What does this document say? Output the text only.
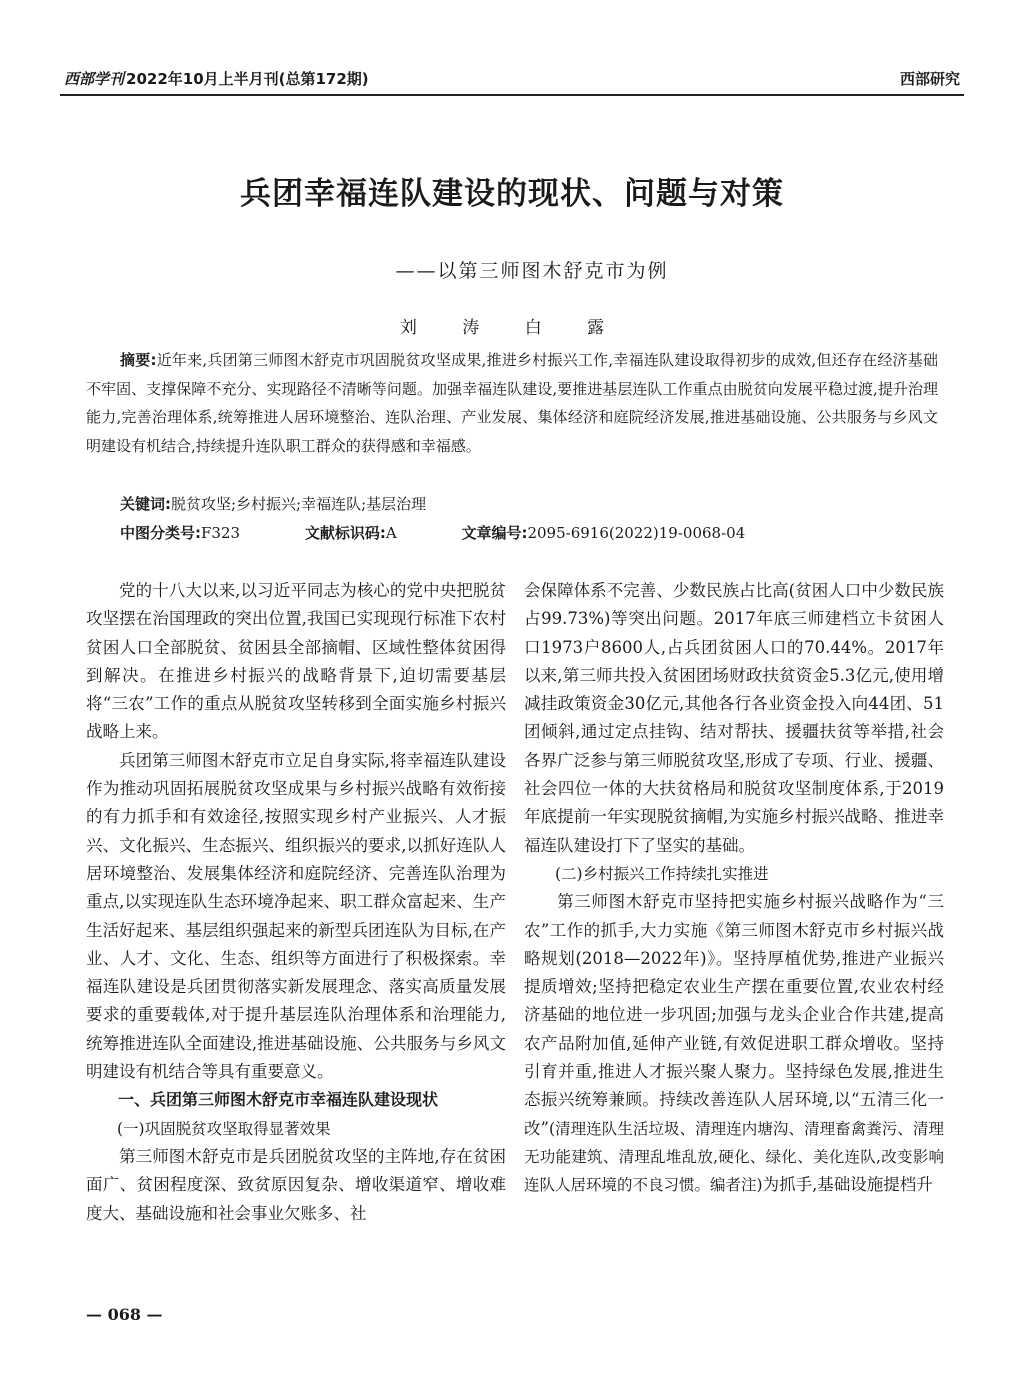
西部学刊 2022年10月上半月刊(总第172期)	西部研究
兵团幸福连队建设的现状、问题与对策
——以第三师图木舒克市为例
刘 涛 白 露
摘要:近年来,兵团第三师图木舒克市巩固脱贫攻坚成果,推进乡村振兴工作,幸福连队建设取得初步的成效,但还存在经济基础不牢固、支撑保障不充分、实现路径不清晰等问题。加强幸福连队建设,要推进基层连队工作重点由脱贫向发展平稳过渡,提升治理能力,完善治理体系,统筹推进人居环境整治、连队治理、产业发展、集体经济和庭院经济发展,推进基础设施、公共服务与乡风文明建设有机结合,持续提升连队职工群众的获得感和幸福感。
关键词:脱贫攻坚;乡村振兴;幸福连队;基层治理
中图分类号:F323	文献标识码:A	文章编号:2095-6916(2022)19-0068-04

党的十八大以来,以习近平同志为核心的党中央把脱贫攻坚摆在治国理政的突出位置,我国已实现现行标准下农村贫困人口全部脱贫、贫困县全部摘帽、区域性整体贫困得到解决。在推进乡村振兴的战略背景下,迫切需要基层将“三农”工作的重点从脱贫攻坚转移到全面实施乡村振兴战略上来。

兵团第三师图木舒克市立足自身实际,将幸福连队建设作为推动巩固拓展脱贫攻坚成果与乡村振兴战略有效衔接的有力抓手和有效途径,按照实现乡村产业振兴、人才振兴、文化振兴、生态振兴、组织振兴的要求,以抓好连队人居环境整治、发展集体经济和庭院经济、完善连队治理为重点,以实现连队生态环境净起来、职工群众富起来、生产生活好起来、基层组织强起来的新型兵团连队为目标,在产业、人才、文化、生态、组织等方面进行了积极探索。幸福连队建设是兵团贯彻落实新发展理念、落实高质量发展要求的重要载体,对于提升基层连队治理体系和治理能力,统筹推进连队全面建设,推进基础设施、公共服务与乡风文明建设有机结合等具有重要意义。

一、兵团第三师图木舒克市幸福连队建设现状

(一)巩固脱贫攻坚取得显著效果

第三师图木舒克市是兵团脱贫攻坚的主阵地,存在贫困面广、贫困程度深、致贫原因复杂、增收渠道窄、增收难度大、基础设施和社会事业欠账多、社

会保障体系不完善、少数民族占比高(贫困人口中少数民族占99.73%)等突出问题。2017年底三师建档立卡贫困人口1973户8600人,占兵团贫困人口的70.44%。2017年以来,第三师共投入贫困团场财政扶贫资金5.3亿元,使用增减挂政策资金30亿元,其他各行各业资金投入向44团、51团倾斜,通过定点挂钩、结对帮扶、援疆扶贫等举措,社会各界广泛参与第三师脱贫攻坚,形成了专项、行业、援疆、社会四位一体的大扶贫格局和脱贫攻坚制度体系,于2019年底提前一年实现脱贫摘帽,为实施乡村振兴战略、推进幸福连队建设打下了坚实的基础。

(二)乡村振兴工作持续扎实推进

第三师图木舒克市坚持把实施乡村振兴战略作为“三农”工作的抓手,大力实施《第三师图木舒克市乡村振兴战略规划(2018—2022年)》。坚持厚植优势,推进产业振兴提质增效;坚持把稳定农业生产摆在重要位置,农业农村经济基础的地位进一步巩固;加强与龙头企业合作共建,提高农产品附加值,延伸产业链,有效促进职工群众增收。坚持引育并重,推进人才振兴聚人聚力。坚持绿色发展,推进生态振兴统筹兼顾。持续改善连队人居环境,以“五清三化一改”(清理连队生活垃圾、清理连内塘沟、清理畜禽粪污、清理无功能建筑、清理乱堆乱放,硬化、绿化、美化连队,改变影响连队人居环境的不良习惯。编者注)为抓手,基础设施提档升

— 068 —
